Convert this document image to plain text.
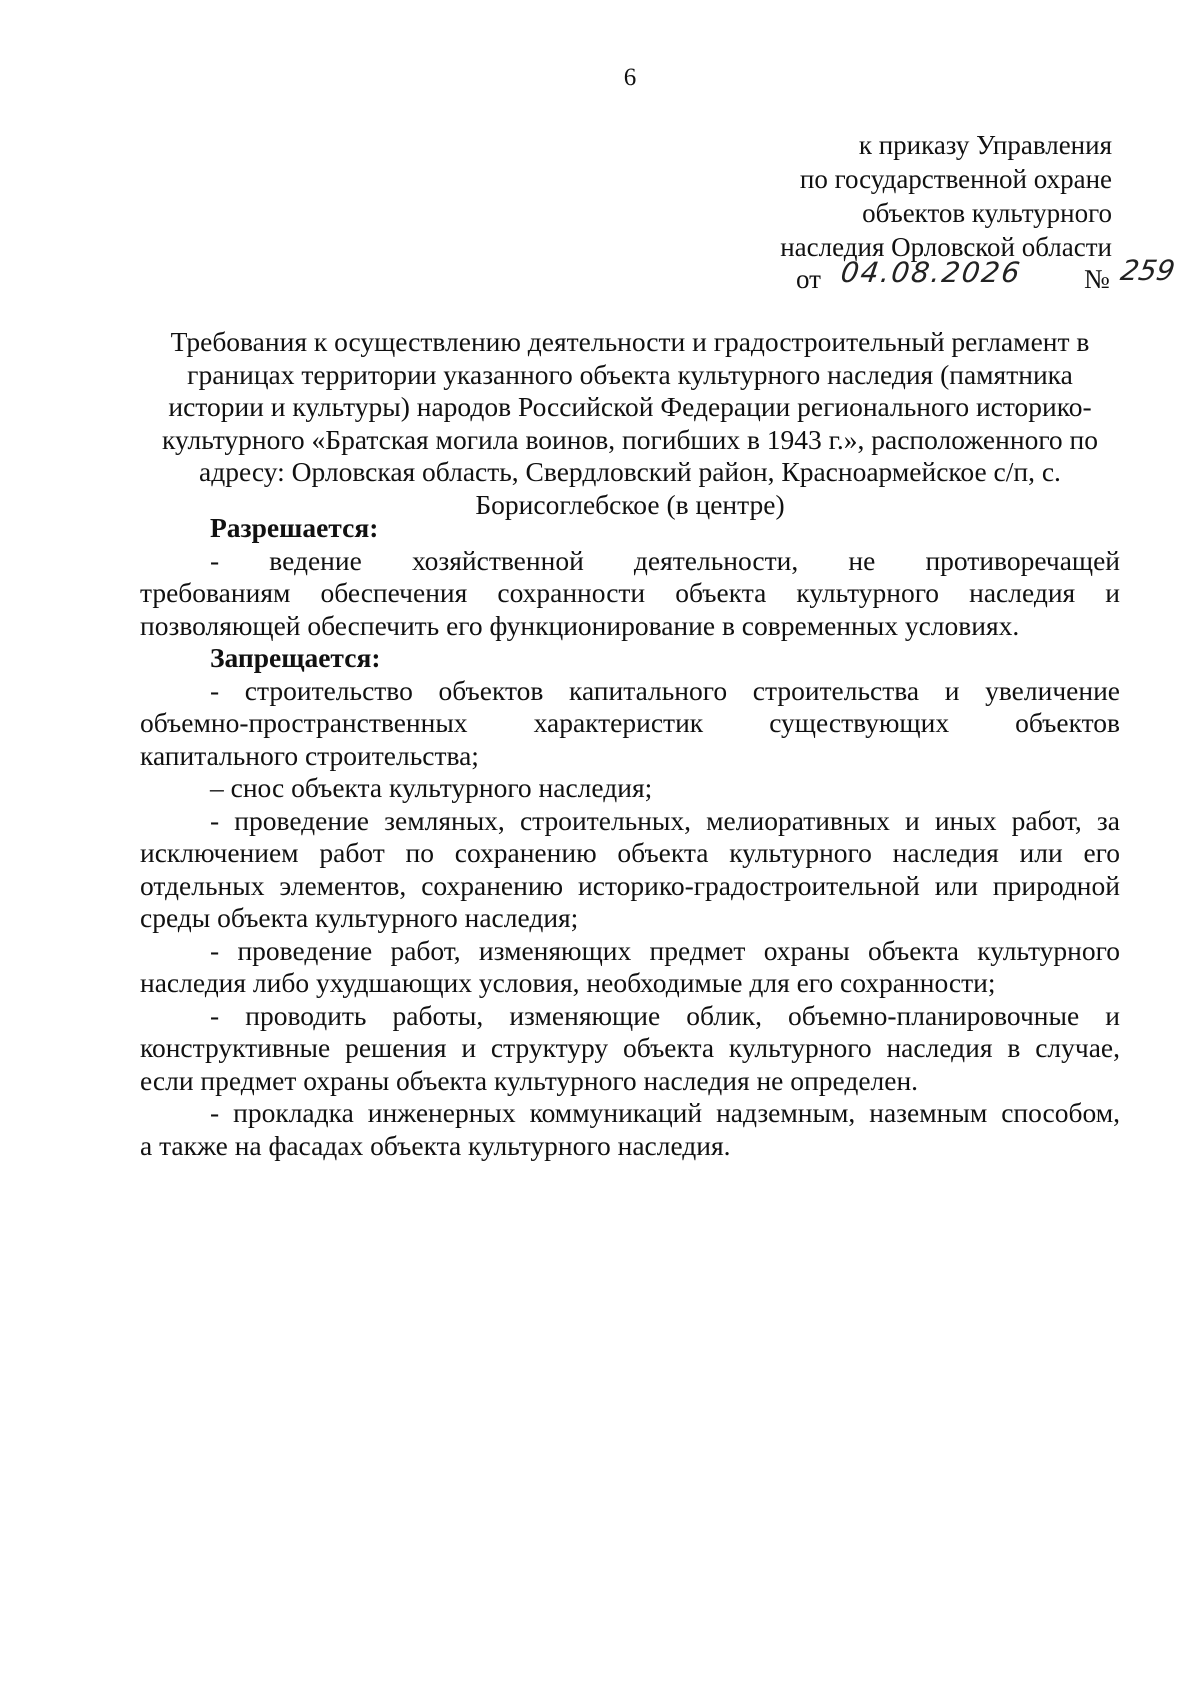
6
к приказу Управления
по государственной охране
объектов культурного
наследия Орловской области
от 04.08.2026 № 259
Требования к осуществлению деятельности и градостроительный регламент в
границах территории указанного объекта культурного наследия (памятника
истории и культуры) народов Российской Федерации регионального историко-
культурного «Братская могила воинов, погибших в 1943 г.», расположенного по
адресу: Орловская область, Свердловский район, Красноармейское с/п, с.
Борисоглебское (в центре)
Разрешается:
- ведение хозяйственной деятельности, не противоречащей
требованиям обеспечения сохранности объекта культурного наследия и
позволяющей обеспечить его функционирование в современных условиях.
Запрещается:
- строительство объектов капитального строительства и увеличение
объемно-пространственных характеристик существующих объектов
капитального строительства;
– снос объекта культурного наследия;
- проведение земляных, строительных, мелиоративных и иных работ, за
исключением работ по сохранению объекта культурного наследия или его
отдельных элементов, сохранению историко-градостроительной или природной
среды объекта культурного наследия;
- проведение работ, изменяющих предмет охраны объекта культурного
наследия либо ухудшающих условия, необходимые для его сохранности;
- проводить работы, изменяющие облик, объемно-планировочные и
конструктивные решения и структуру объекта культурного наследия в случае,
если предмет охраны объекта культурного наследия не определен.
- прокладка инженерных коммуникаций надземным, наземным способом,
а также на фасадах объекта культурного наследия.
